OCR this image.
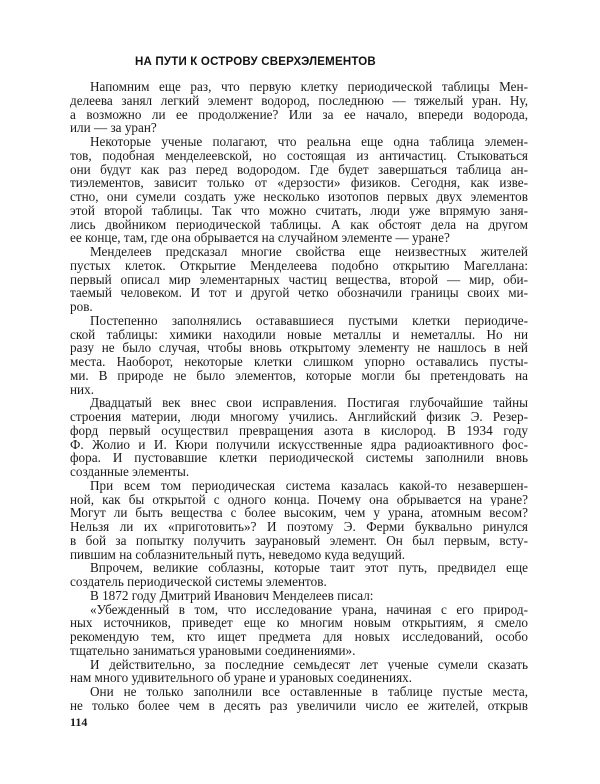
НА ПУТИ К ОСТРОВУ СВЕРХЭЛЕМЕНТОВ
Напомним еще раз, что первую клетку периодической таблицы Мен-
делеева занял легкий элемент водород, последнюю — тяжелый уран. Ну,
а возможно ли ее продолжение? Или за ее начало, впереди водорода,
или — за уран?
Некоторые ученые полагают, что реальна еще одна таблица элемен-
тов, подобная менделеевской, но состоящая из античастиц. Стыковаться
они будут как раз перед водородом. Где будет завершаться таблица ан-
тиэлементов, зависит только от «дерзости» физиков. Сегодня, как изве-
стно, они сумели создать уже несколько изотопов первых двух элементов
этой второй таблицы. Так что можно считать, люди уже впрямую заня-
лись двойником периодической таблицы. А как обстоят дела на другом
ее конце, там, где она обрывается на случайном элементе — уране?
Менделеев предсказал многие свойства еще неизвестных жителей
пустых клеток. Открытие Менделеева подобно открытию Магеллана:
первый описал мир элементарных частиц вещества, второй — мир, оби-
таемый человеком. И тот и другой четко обозначили границы своих ми-
ров.
Постепенно заполнялись остававшиеся пустыми клетки периодиче-
ской таблицы: химики находили новые металлы и неметаллы. Но ни
разу не было случая, чтобы вновь открытому элементу не нашлось в ней
места. Наоборот, некоторые клетки слишком упорно оставались пусты-
ми. В природе не было элементов, которые могли бы претендовать на
них.
Двадцатый век внес свои исправления. Постигая глубочайшие тайны
строения материи, люди многому учились. Английский физик Э. Резер-
форд первый осуществил превращения азота в кислород. В 1934 году
Ф. Жолио и И. Кюри получили искусственные ядра радиоактивного фос-
фора. И пустовавшие клетки периодической системы заполнили вновь
созданные элементы.
При всем том периодическая система казалась какой-то незавершен-
ной, как бы открытой с одного конца. Почему она обрывается на уране?
Могут ли быть вещества с более высоким, чем у урана, атомным весом?
Нельзя ли их «приготовить»? И поэтому Э. Ферми буквально ринулся
в бой за попытку получить заурановый элемент. Он был первым, всту-
пившим на соблазнительный путь, неведомо куда ведущий.
Впрочем, великие соблазны, которые таит этот путь, предвидел еще
создатель периодической системы элементов.
В 1872 году Дмитрий Иванович Менделеев писал:
«Убежденный в том, что исследование урана, начиная с его природ-
ных источников, приведет еще ко многим новым открытиям, я смело
рекомендую тем, кто ищет предмета для новых исследований, особо
тщательно заниматься урановыми соединениями».
И действительно, за последние семьдесят лет ученые сумели сказать
нам много удивительного об уране и урановых соединениях.
Они не только заполнили все оставленные в таблице пустые места,
не только более чем в десять раз увеличили число ее жителей, открыв
114
